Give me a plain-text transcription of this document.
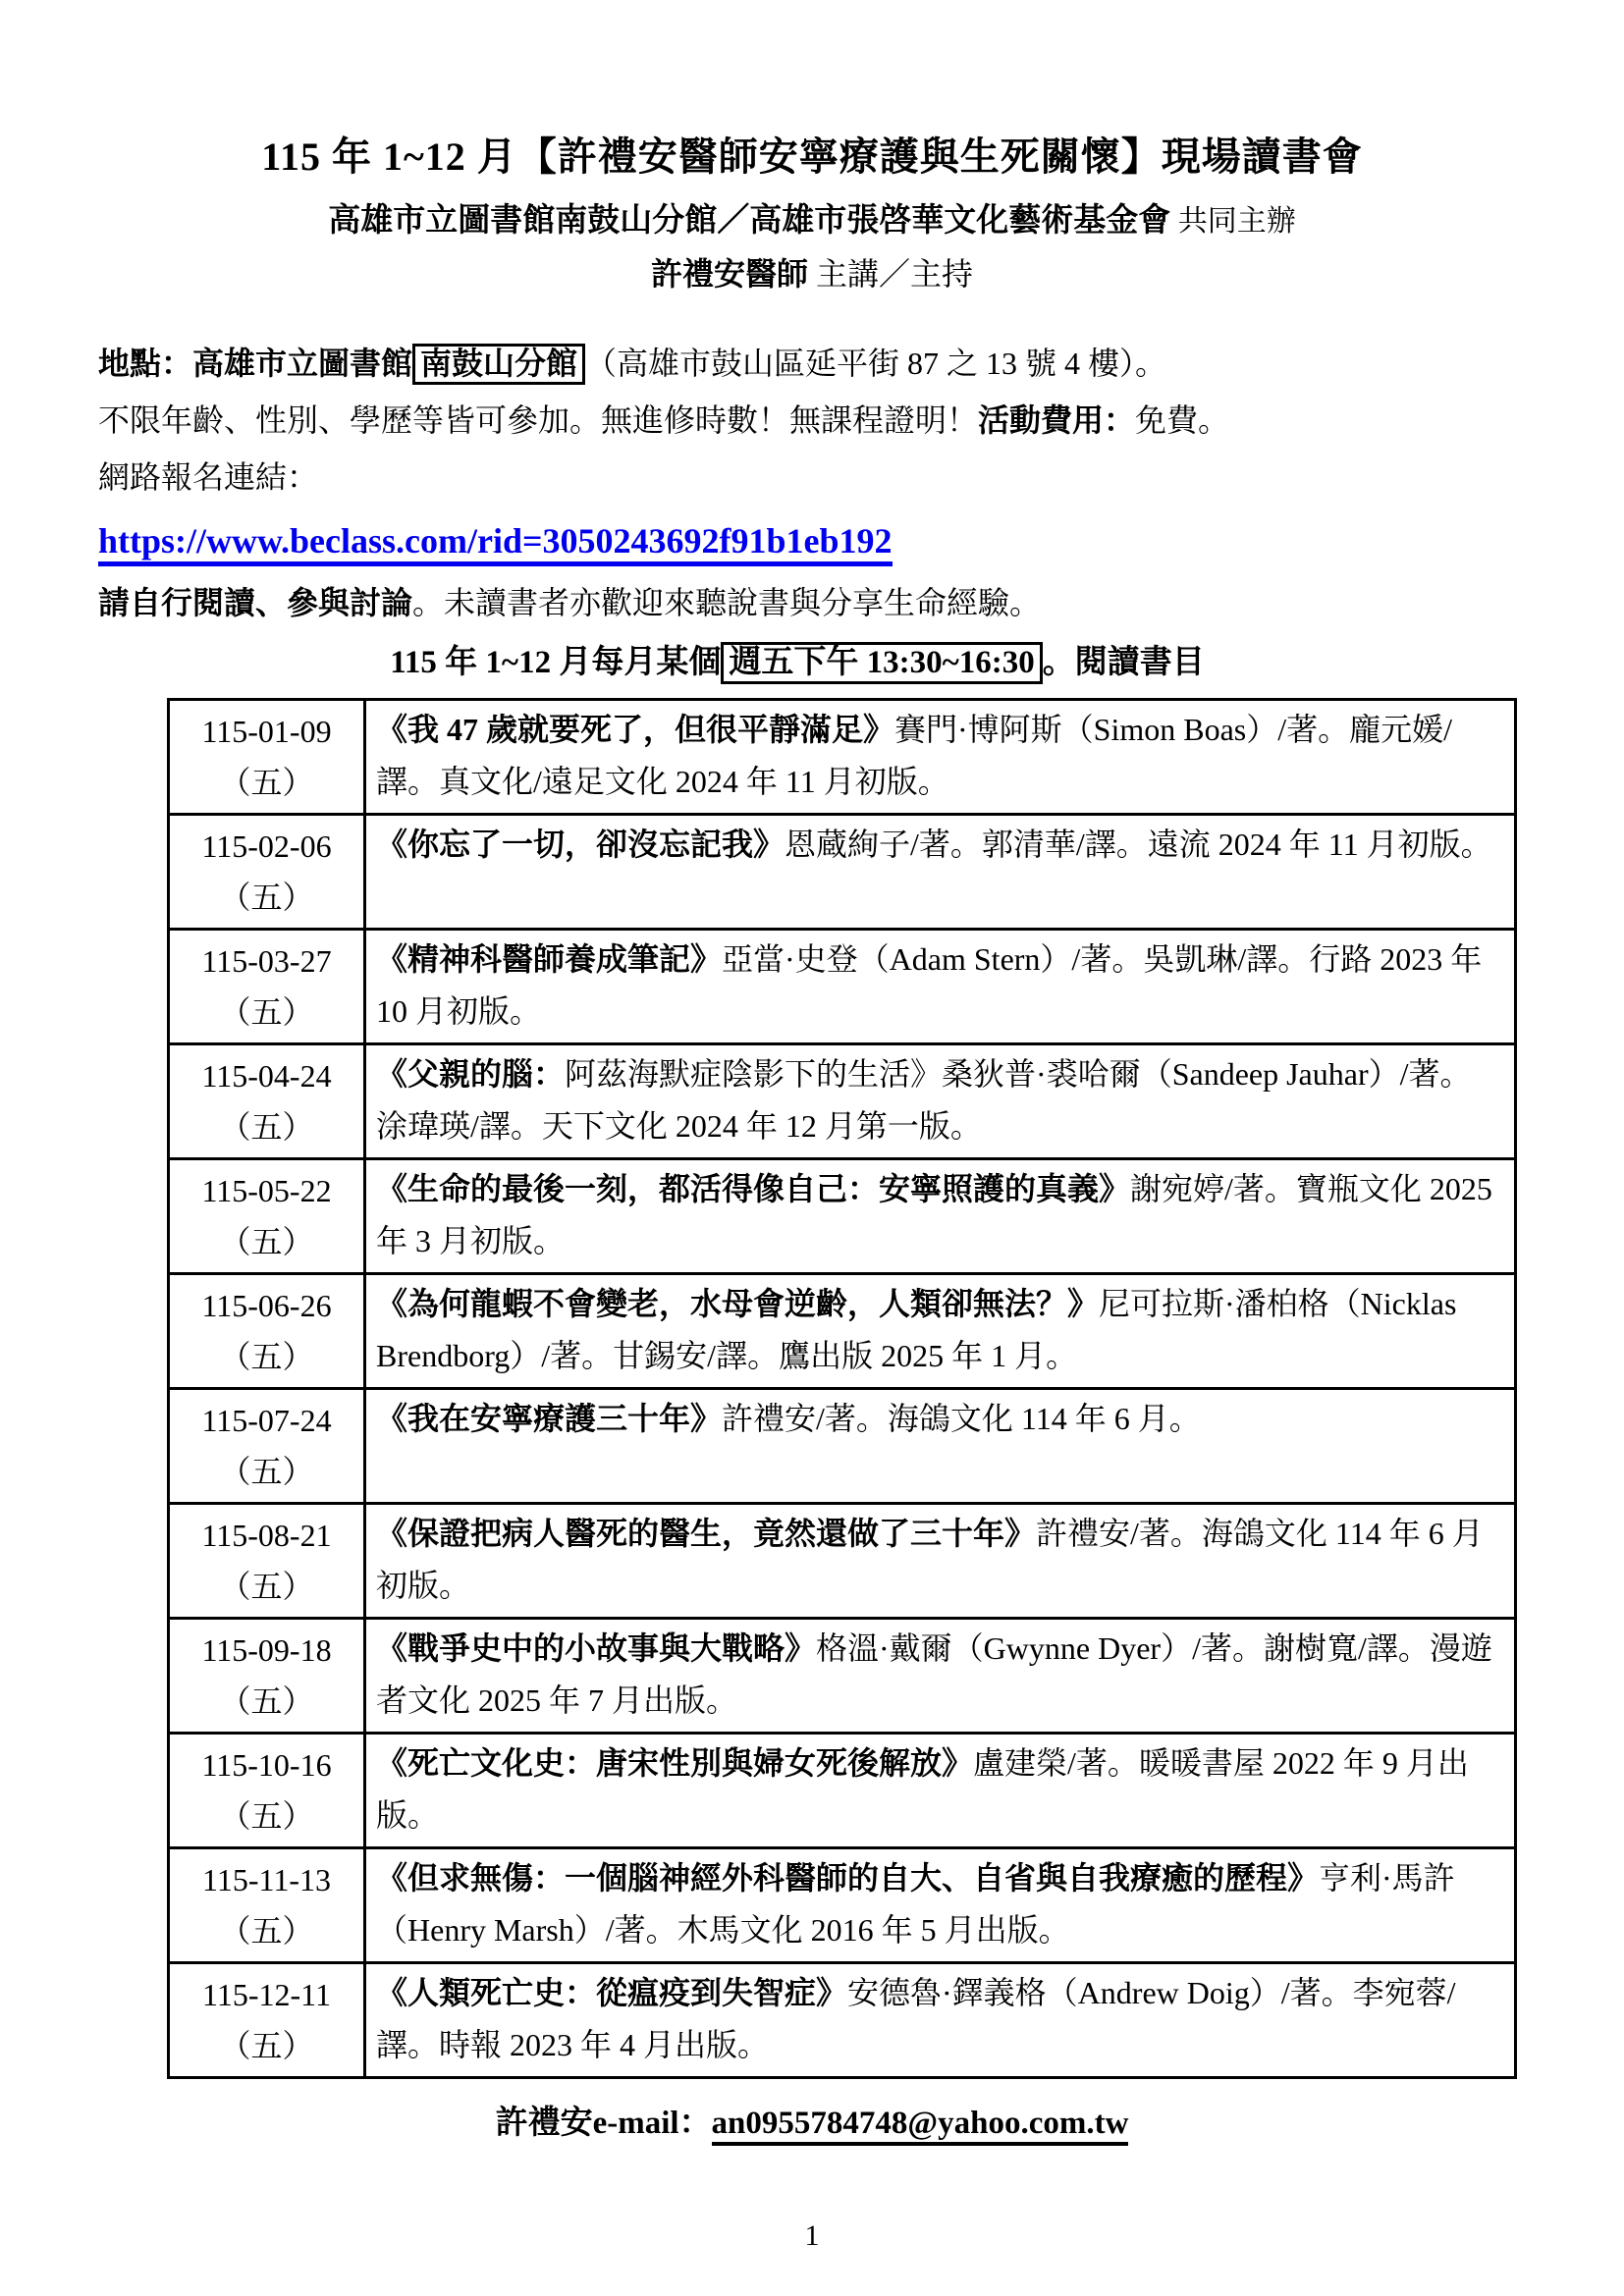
115 年 1~12 月【許禮安醫師安寧療護與生死關懷】現場讀書會
高雄市立圖書館南鼓山分館／高雄市張啓華文化藝術基金會 共同主辦
許禮安醫師 主講／主持

地點：高雄市立圖書館 南鼓山分館 （高雄市鼓山區延平街 87 之 13 號 4 樓）。

不限年齡、性別、學歷等皆可參加。無進修時數！無課程證明！活動費用：免費。

網路報名連結：

https://www.beclass.com/rid=3050243692f91b1eb192

請自行閱讀、參與討論。未讀書者亦歡迎來聽說書與分享生命經驗。

115 年 1~12 月每月某個 週五下午 13:30~16:30 。閱讀書目
115-01-09
（五）	《我 47 歲就要死了，但很平靜滿足》賽門·博阿斯（Simon Boas）/著。龐元媛/譯。真文化/遠足文化 2024 年 11 月初版。

115-02-06
（五）	《你忘了一切，卻沒忘記我》恩蔵絢子/著。郭清華/譯。遠流 2024 年 11 月初版。

115-03-27
（五）	《精神科醫師養成筆記》亞當·史登（Adam Stern）/著。吳凱琳/譯。行路 2023 年 10 月初版。

115-04-24
（五）	《父親的腦：阿茲海默症陰影下的生活》桑狄普·裘哈爾（Sandeep Jauhar）/著。涂瑋瑛/譯。天下文化 2024 年 12 月第一版。

115-05-22
（五）	《生命的最後一刻，都活得像自己：安寧照護的真義》謝宛婷/著。寶瓶文化 2025 年 3 月初版。

115-06-26
（五）	《為何龍蝦不會變老，水母會逆齡，人類卻無法？》尼可拉斯·潘柏格（Nicklas Brendborg）/著。甘錫安/譯。鷹出版 2025 年 1 月。

115-07-24
（五）	《我在安寧療護三十年》許禮安/著。海鴿文化 114 年 6 月。

115-08-21
（五）	《保證把病人醫死的醫生，竟然還做了三十年》許禮安/著。海鴿文化 114 年 6 月初版。

115-09-18
（五）	《戰爭史中的小故事與大戰略》格溫·戴爾（Gwynne Dyer）/著。謝樹寬/譯。漫遊者文化 2025 年 7 月出版。

115-10-16
（五）	《死亡文化史：唐宋性別與婦女死後解放》盧建榮/著。暖暖書屋 2022 年 9 月出版。

115-11-13
（五）	《但求無傷：一個腦神經外科醫師的自大、自省與自我療癒的歷程》亨利·馬許（Henry Marsh）/著。木馬文化 2016 年 5 月出版。

115-12-11
（五）	《人類死亡史：從瘟疫到失智症》安德魯·鐸義格（Andrew Doig）/著。李宛蓉/譯。時報 2023 年 4 月出版。
許禮安e-mail：an0955784748@yahoo.com.tw
1
